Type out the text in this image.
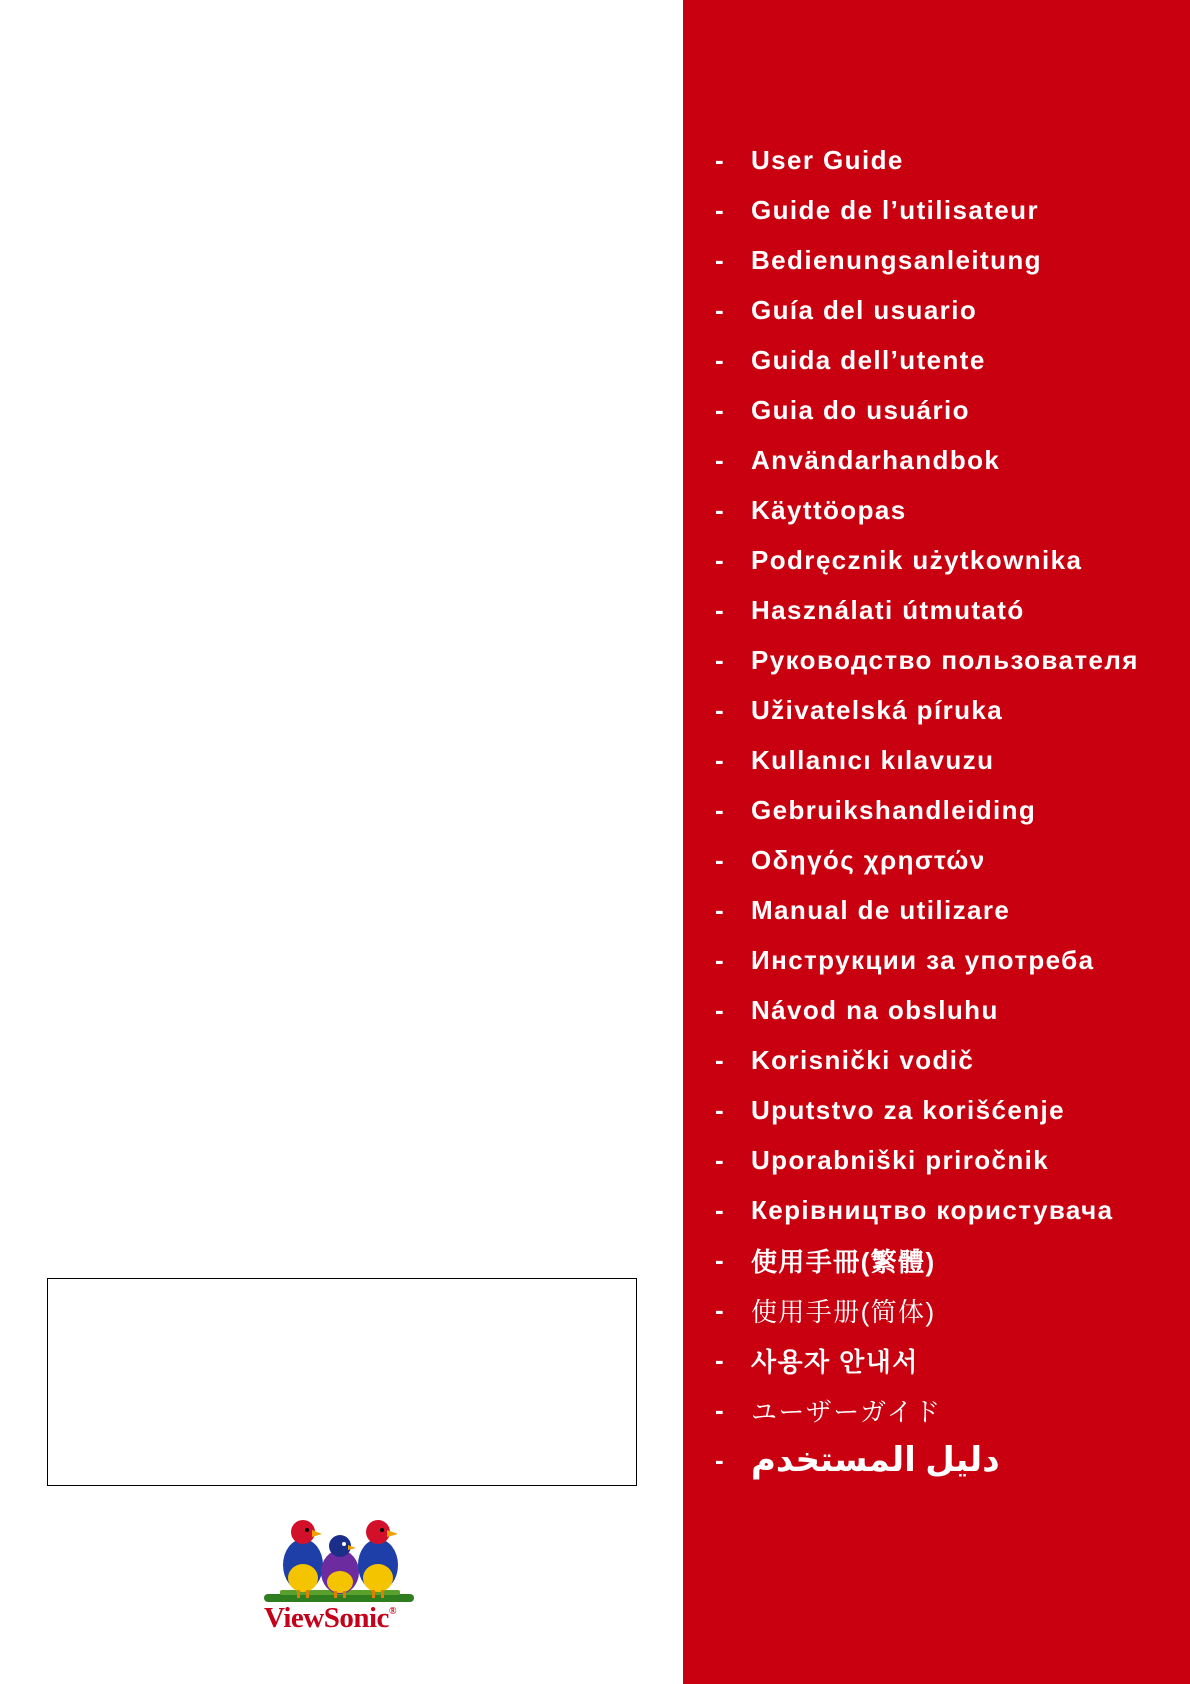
ViewSonic®
- User Guide
- Guide de l’utilisateur
- Bedienungsanleitung
- Guía del usuario
- Guida dell’utente
- Guia do usuário
- Användarhandbok
- Käyttöopas
- Podręcznik użytkownika
- Használati útmutató
- Руководство пользователя
- Uživatelská píruka
- Kullanıcı kılavuzu
- Gebruikshandleiding
- Οδηγός χρηστών
- Manual de utilizare
- Инструкции за употреба
- Návod na obsluhu
- Korisnički vodič
- Uputstvo za korišćenje
- Uporabniški priročnik
- Керівництво користувача
- 使用手冊(繁體)
- 使用手册(简体)
- 사용자 안내서
- ユーザーガイド
- دليل المستخدم
